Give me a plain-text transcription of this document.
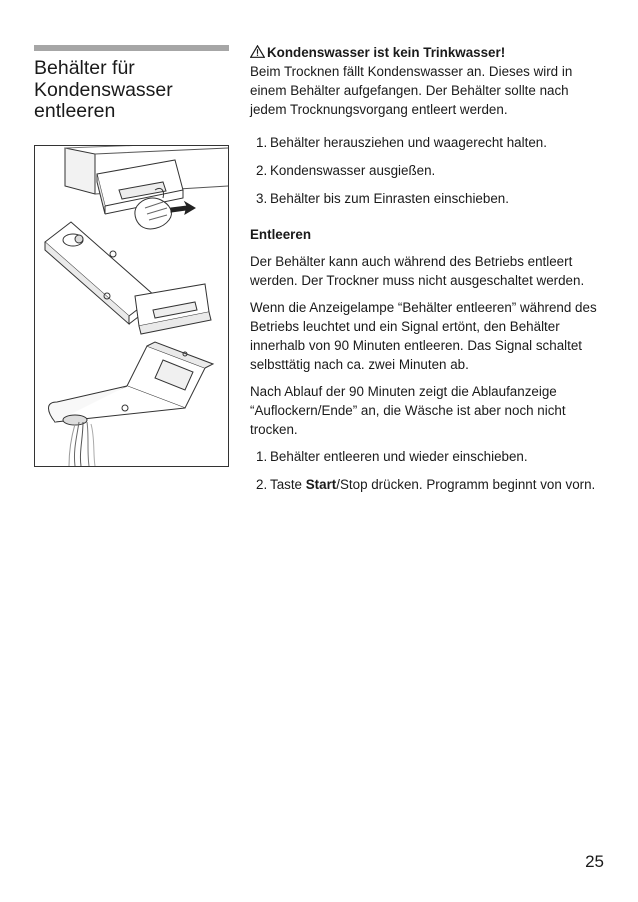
Behälter für
Kondenswasser
entleeren

Kondenswasser ist kein Trinkwasser!

Beim Trocknen fällt Kondenswasser an. Dieses wird in einem Behälter aufgefangen. Der Behälter sollte nach jedem Trocknungsvorgang entleert werden.

1. Behälter herausziehen und waagerecht halten.
2. Kondenswasser ausgießen.
3. Behälter bis zum Einrasten einschieben.

Entleeren

Der Behälter kann auch während des Betriebs entleert werden. Der Trockner muss nicht ausgeschaltet werden.

Wenn die Anzeigelampe “Behälter entleeren” während des Betriebs leuchtet und ein Signal ertönt, den Behälter innerhalb von 90 Minuten entleeren. Das Signal schaltet selbsttätig nach ca. zwei Minuten ab.

Nach Ablauf der 90 Minuten zeigt die Ablaufanzeige “Auflockern/Ende” an, die Wäsche ist aber noch nicht trocken.

1. Behälter entleeren und wieder einschieben.
2. Taste Start/Stop drücken. Programm beginnt von vorn.
25
